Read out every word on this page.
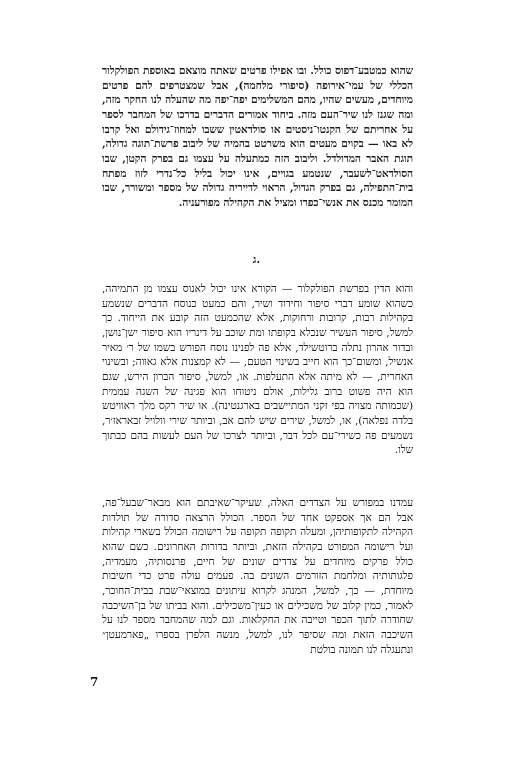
שהוא כמטבע־דפוס כולל. ובו אפילו פרטים שאתה מוצאם באוספת הפולקלור הכללי של עמי־אירופה (סיפורי מלחמה), אבל שמצטרפים להם פרטים מיוחדים, מעשים שהיו, מהם המשלימים יפה־יפה מה שהעלה לנו החקר מזה, ומה שגנז לנו שיר־העם מזה. ביחוד אמורים הדברים בדרכו של המחבר לספר על אחריתם של הקנטו־ניסטים או סולדאטין ששבו למחוז־גידולם ואל קרבו לא באו — בקוים מעטים הוא משרטט בהמיה של ליבוב פרשת־תוגה גדולה, תוגת האבר המדולדל. וליבוב הזה כמתעלה על עצמו גם בפרק הקטן, שבו הסולדאט־לשעבר, שנטמע בגויים, אינו יכול בליל כל־נדרי לזוז מפתח בית־התפילה, גם בפרק הגדול, הראוי לדייריה גדולה של מספר ומשורר, שבו המומר מכנס את אנשי־כפרו ומציל את הקהילה מפורעניה.

ג.

והוא הדין בפרשת הפולקלור — הקורא אינו יכול לאנוס עצמו מן התמיהה, כשהוא שומע דברי סיפור וחידוד ושיר, והם כמעט כנוסח הדברים שנשמע בקהילות רבות, קרובות ורחוקות, אלא שהכמעט הזה קובע את הייחוד. כך למשל, סיפור העשיר שנכלא בקופתו ומת שוכב על דינריו הוא סיפור ישן־נושן, ובדור אהרון נתלה ברוטשילד, אלא פה לפנינו נוסח הפורש בשמו של ר׳ מאיר אנשיל, ומשום־כך הוא חייב בשינוי הטעם, — לא קמצנות אלא גאווה; ובשינוי האחרית, — לא מיתה אלא התעלפות. או, למשל, סיפור הברון הירש, שגם הוא היה פשוט ברוב גלילות, אולם ניטוחו הוא פגינה של השגה עממית (שכמותה מצויה בפי זקני המתיישבים בארגנטינה). או שיר רקס מלך ראוויטש בלדה נפלאה), או, למשל, שירים שיש להם אב, וביותר שירי וולויל זבאראז׳ר, נשמעים פה כשירי־עם לכל דבר, וביותר לצרכו של העם לעשות בהם כבתוך שלו.

עמדנו במפורש על הצדדים האלה, שעיקר־שאיבתם הוא מבאר־שבעל־פה, אבל הם אך אספקט אחד של הספר. הכולל הרצאה סדורה של תולדות הקהילה לתקופותיהן, ומעלה תקופה תקופה על רישומה הכולל בשארי קהילות ועל רישומה המפורט בקהילה הזאת, וביותר בדורות האחרונים. כשם שהוא כולל פרקים מיוחדים על צדדים שונים של חיים, פרנסותיה, מעמדיה, פלגותותיה ומלחמת הזורמים השונים בה. פעמים עולה פרט כדי חשיבות מיוחדת, — כך, למשל, המנהג לקרוא עיתונים במוצאי־שבת בבית־החוכר, לאמור, כמין קלוב של משכילים או כעין־משכילים. והוא בביתו של בן־השיכבה שחודרה לתוך הכפר וטייבה את החקלאות. וגם למה שהמחבר מספר לנו על השיכבה הזאת ומה שסיפר לנו, למשל, מנשה הלפרן בספרו „פארמעטן״ ונתעגלה לנו תמונה בולטת

7
